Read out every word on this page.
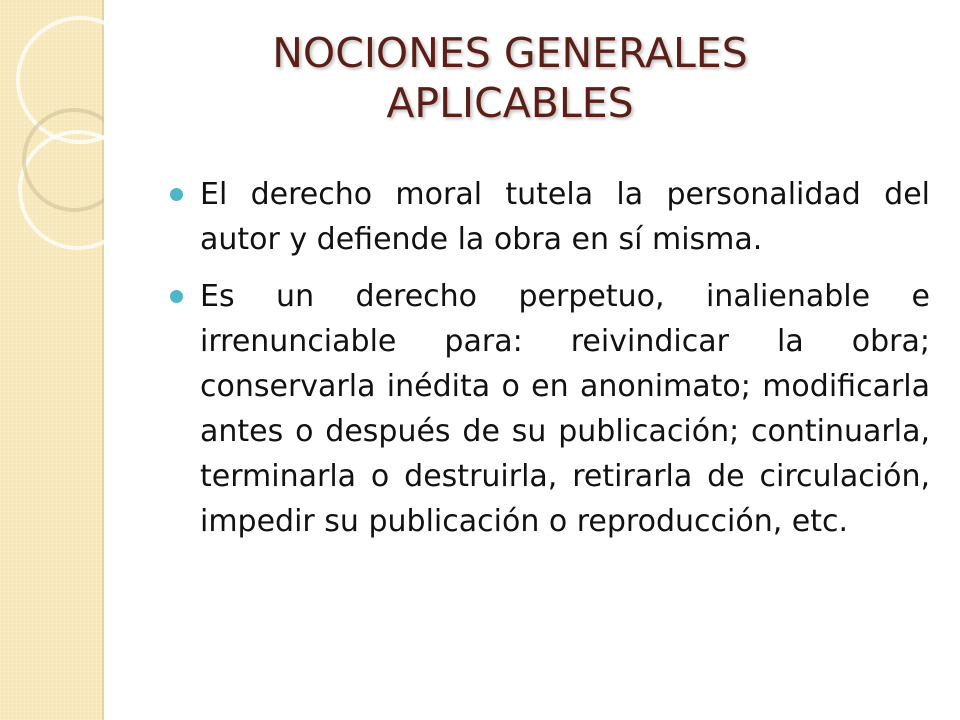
NOCIONES GENERALES
APLICABLES
El derecho moral tutela la personalidad del autor y defiende la obra en sí misma.
Es un derecho perpetuo, inalienable e irrenunciable para: reivindicar la obra; conservarla inédita o en anonimato; modificarla antes o después de su publicación; continuarla, terminarla o destruirla, retirarla de circulación, impedir su publicación o reproducción, etc.
